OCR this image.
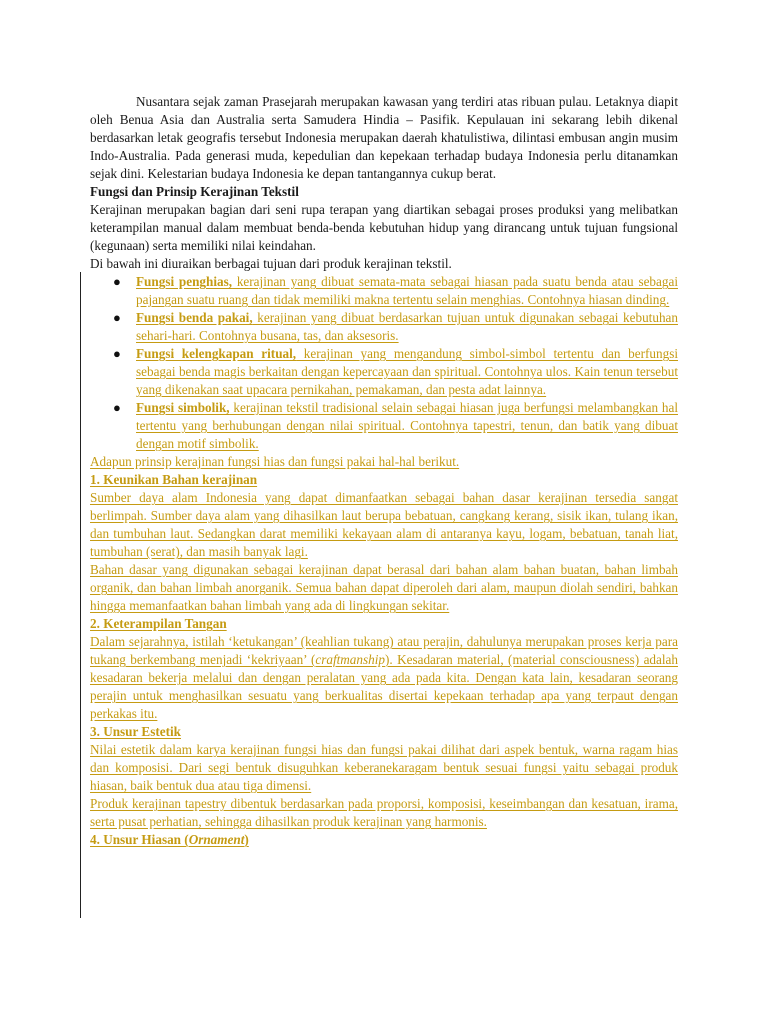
Nusantara sejak zaman Prasejarah merupakan kawasan yang terdiri atas ribuan pulau. Letaknya diapit oleh Benua Asia dan Australia serta Samudera Hindia – Pasifik. Kepulauan ini sekarang lebih dikenal berdasarkan letak geografis tersebut Indonesia merupakan daerah khatulistiwa, dilintasi embusan angin musim Indo-Australia. Pada generasi muda, kepedulian dan kepekaan terhadap budaya Indonesia perlu ditanamkan sejak dini. Kelestarian budaya Indonesia ke depan tantangannya cukup berat.

Fungsi dan Prinsip Kerajinan Tekstil

Kerajinan merupakan bagian dari seni rupa terapan yang diartikan sebagai proses produksi yang melibatkan keterampilan manual dalam membuat benda-benda kebutuhan hidup yang dirancang untuk tujuan fungsional (kegunaan) serta memiliki nilai keindahan.

Di bawah ini diuraikan berbagai tujuan dari produk kerajinan tekstil.

● Fungsi penghias, kerajinan yang dibuat semata-mata sebagai hiasan pada suatu benda atau sebagai pajangan suatu ruang dan tidak memiliki makna tertentu selain menghias. Contohnya hiasan dinding.
● Fungsi benda pakai, kerajinan yang dibuat berdasarkan tujuan untuk digunakan sebagai kebutuhan sehari-hari. Contohnya busana, tas, dan aksesoris.
● Fungsi kelengkapan ritual, kerajinan yang mengandung simbol-simbol tertentu dan berfungsi sebagai benda magis berkaitan dengan kepercayaan dan spiritual. Contohnya ulos. Kain tenun tersebut yang dikenakan saat upacara pernikahan, pemakaman, dan pesta adat lainnya.
● Fungsi simbolik, kerajinan tekstil tradisional selain sebagai hiasan juga berfungsi melambangkan hal tertentu yang berhubungan dengan nilai spiritual. Contohnya tapestri, tenun, dan batik yang dibuat dengan motif simbolik.

Adapun prinsip kerajinan fungsi hias dan fungsi pakai hal-hal berikut.

1. Keunikan Bahan kerajinan

Sumber daya alam Indonesia yang dapat dimanfaatkan sebagai bahan dasar kerajinan tersedia sangat berlimpah. Sumber daya alam yang dihasilkan laut berupa bebatuan, cangkang kerang, sisik ikan, tulang ikan, dan tumbuhan laut. Sedangkan darat memiliki kekayaan alam di antaranya kayu, logam, bebatuan, tanah liat, tumbuhan (serat), dan masih banyak lagi.

Bahan dasar yang digunakan sebagai kerajinan dapat berasal dari bahan alam bahan buatan, bahan limbah organik, dan bahan limbah anorganik. Semua bahan dapat diperoleh dari alam, maupun diolah sendiri, bahkan hingga memanfaatkan bahan limbah yang ada di lingkungan sekitar.

2. Keterampilan Tangan

Dalam sejarahnya, istilah ‘ketukangan’ (keahlian tukang) atau perajin, dahulunya merupakan proses kerja para tukang berkembang menjadi ‘kekriyaan’ (craftmanship). Kesadaran material, (material consciousness) adalah kesadaran bekerja melalui dan dengan peralatan yang ada pada kita. Dengan kata lain, kesadaran seorang perajin untuk menghasilkan sesuatu yang berkualitas disertai kepekaan terhadap apa yang terpaut dengan perkakas itu.

3. Unsur Estetik

Nilai estetik dalam karya kerajinan fungsi hias dan fungsi pakai dilihat dari aspek bentuk, warna ragam hias dan komposisi. Dari segi bentuk disuguhkan keberanekaragam bentuk sesuai fungsi yaitu sebagai produk hiasan, baik bentuk dua atau tiga dimensi.

Produk kerajinan tapestry dibentuk berdasarkan pada proporsi, komposisi, keseimbangan dan kesatuan, irama, serta pusat perhatian, sehingga dihasilkan produk kerajinan yang harmonis.

4. Unsur Hiasan (Ornament)
